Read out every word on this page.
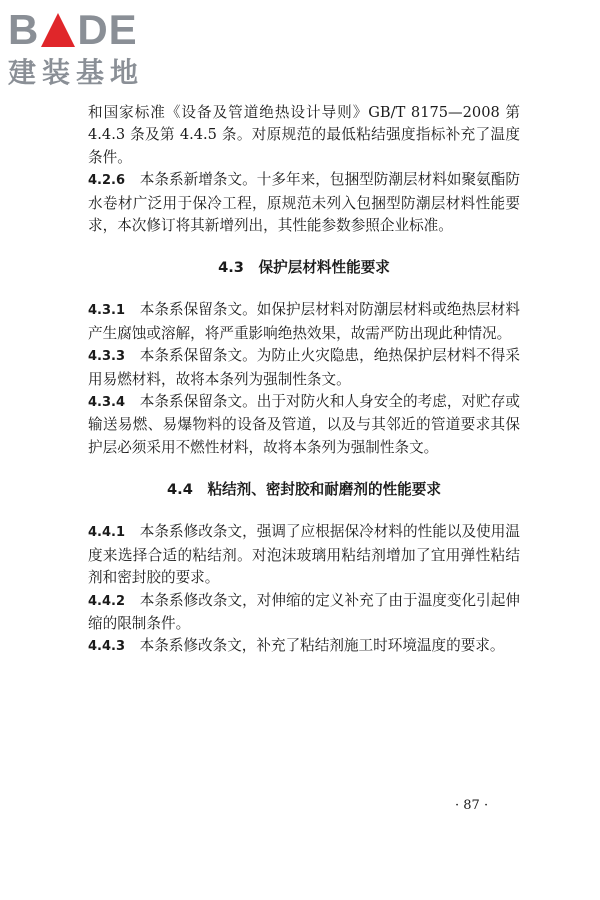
B DE
建装基地

和国家标准《设备及管道绝热设计导则》GB/T 8175—2008 第 4.4.3 条及第 4.4.5 条。对原规范的最低粘结强度指标补充了温度条件。

4.2.6　 本条系新增条文。十多年来，包捆型防潮层材料如聚氨酯防水卷材广泛用于保冷工程，原规范未列入包捆型防潮层材料性能要求，本次修订将其新增列出，其性能参数参照企业标准。

4.3　保护层材料性能要求

4.3.1　 本条系保留条文。如保护层材料对防潮层材料或绝热层材料产生腐蚀或溶解，将严重影响绝热效果，故需严防出现此种情况。

4.3.3　 本条系保留条文。为防止火灾隐患，绝热保护层材料不得采用易燃材料，故将本条列为强制性条文。

4.3.4　 本条系保留条文。出于对防火和人身安全的考虑，对贮存或输送易燃、易爆物料的设备及管道，以及与其邻近的管道要求其保护层必须采用不燃性材料，故将本条列为强制性条文。

4.4　粘结剂、密封胶和耐磨剂的性能要求

4.4.1　 本条系修改条文，强调了应根据保冷材料的性能以及使用温度来选择合适的粘结剂。对泡沫玻璃用粘结剂增加了宜用弹性粘结剂和密封胶的要求。

4.4.2　 本条系修改条文，对伸缩的定义补充了由于温度变化引起伸缩的限制条件。

4.4.3　 本条系修改条文，补充了粘结剂施工时环境温度的要求。

· 87 ·
